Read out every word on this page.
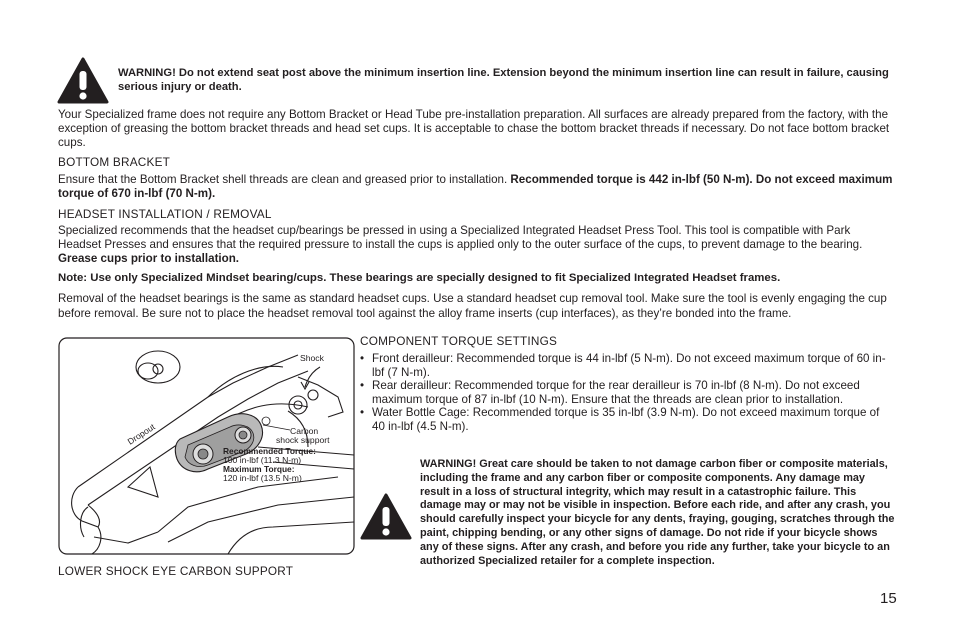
WARNING! Do not extend seat post above the minimum insertion line. Extension beyond the minimum insertion line can result in failure, causing serious injury or death.

Your Specialized frame does not require any Bottom Bracket or Head Tube pre-installation preparation. All surfaces are already prepared from the factory, with the exception of greasing the bottom bracket threads and head set cups. It is acceptable to chase the bottom bracket threads if necessary. Do not face bottom bracket cups.

BOTTOM BRACKET

Ensure that the Bottom Bracket shell threads are clean and greased prior to installation. Recommended torque is 442 in-lbf (50 N-m). Do not exceed maximum torque of 670 in-lbf (70 N-m).

HEADSET INSTALLATION / REMOVAL

Specialized recommends that the headset cup/bearings be pressed in using a Specialized Integrated Headset Press Tool. This tool is compatible with Park Headset Presses and ensures that the required pressure to install the cups is applied only to the outer surface of the cups, to prevent damage to the bearing. Grease cups prior to installation.

Note: Use only Specialized Mindset bearing/cups. These bearings are specially designed to fit Specialized Integrated Headset frames.

Removal of the headset bearings is the same as standard headset cups. Use a standard headset cup removal tool. Make sure the tool is evenly engaging the cup before removal. Be sure not to place the headset removal tool against the alloy frame inserts (cup interfaces), as they’re bonded into the frame.

Shock
Dropout	Carbon
shock support
Recommended Torque:
100 in-lbf (11.3 N-m)
Maximum Torque:
120 in-lbf (13.5 N-m)

LOWER SHOCK EYE CARBON SUPPORT

COMPONENT TORQUE SETTINGS

• Front derailleur: Recommended torque is 44 in-lbf (5 N-m). Do not exceed maximum torque of 60 in-lbf (7 N-m).
• Rear derailleur: Recommended torque for the rear derailleur is 70 in-lbf (8 N-m). Do not exceed maximum torque of 87 in-lbf (10 N-m). Ensure that the threads are clean prior to installation.
• Water Bottle Cage: Recommended torque is 35 in-lbf (3.9 N-m). Do not exceed maximum torque of 40 in-lbf (4.5 N-m).

WARNING! Great care should be taken to not damage carbon fiber or composite materials, including the frame and any carbon fiber or composite components. Any damage may result in a loss of structural integrity, which may result in a catastrophic failure. This damage may or may not be visible in inspection. Before each ride, and after any crash, you should carefully inspect your bicycle for any dents, fraying, gouging, scratches through the paint, chipping bending, or any other signs of damage. Do not ride if your bicycle shows any of these signs. After any crash, and before you ride any further, take your bicycle to an authorized Specialized retailer for a complete inspection.

15
